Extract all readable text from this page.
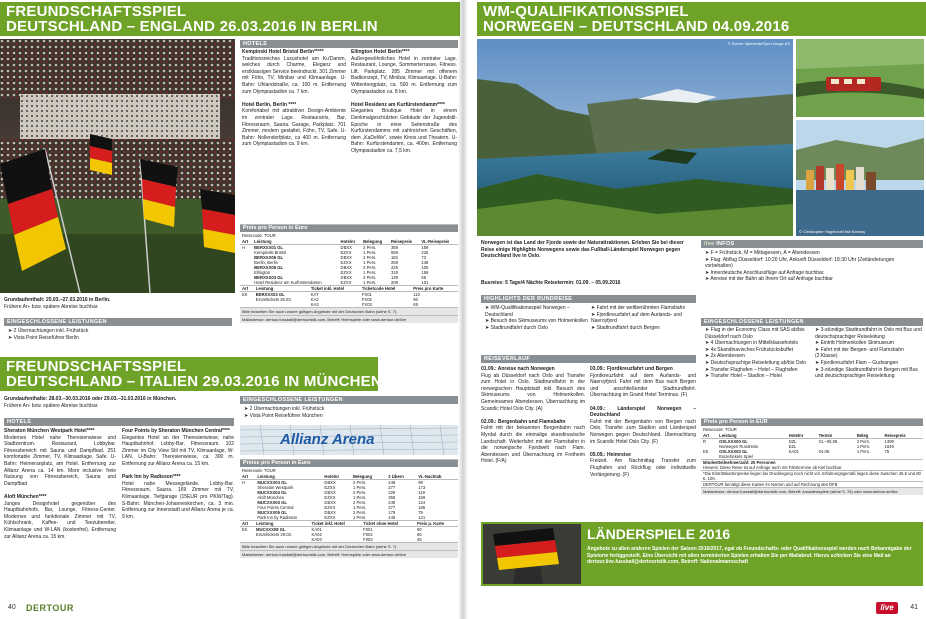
FREUNDSCHAFTSSPIEL
DEUTSCHLAND – ENGLAND 26.03.2016 IN BERLIN
Grundaufenthalt: 25.03.–27.03.2016 in Berlin.
Frühere An- bzw. spätere Abreise buchbar.
EINGESCHLOSSENE LEISTUNGEN
➤ 2 Übernachtungen inkl. Frühstück
➤ Vista Point Reiseführer Berlin
HOTELS
Kempinski Hotel Bristol Berlin*****
Traditionsreiches Luxushotel am Ku'Damm, welches durch Charme, Eleganz und erstklassigen Service beeindruckt. 301 Zimmer mit Föhn, TV, Minibar und Klimaanlage. U-Bahn: Uhlandstraße, ca. 100 m. Entfernung zum Olympiastadion ca. 7 km.

Hotel Berlin, Berlin ****
Komfortabel mit attraktiver Design-Ambiente im zentraler Lage. Restaurants, Bar, Fitnessraum, Sauna. Garage, Parkplatz. 701 Zimmer, modern gestaltet, Föhn, TV, Safe. U-Bahn: Nollendorfplatz, ca 400 m. Entfernung zum Olympiastadion ca. 9 km.
Ellington Hotel Berlin****
Außergewöhnliches Hotel in zentraler Lage. Restaurant, Lounge, Sommerterrasse, Fitness. Lift. Parkplatz. 285 Zimmer mit offenem Badkonzept, TV, Minibar, Klimaanlage. U-Bahn: Wittenbergplatz, ca. 500 m. Entfernung zum Olympiastadion ca. 8 km.

Hotel Residenz am Kurfürstendamm****
Elegantes Boutique Hotel in einem Denkmalgeschützten Gebäude der Jugendstil-Epoche in einer Seitenstraße des Kurfürstendamms mit zahlreichen Geschäften, dem „KaDeWe", sowie Kinos und Theatern. U-Bahn: Kurfürstendamm, ca. 400m. Entfernung Olympiastadion ca. 7,5 km.
Preis pro Person in Euro
Reisecode: TOUR
Art	Leistung	Hotelnr	Belegung	Reisepreis	VL-Reisepreis
H	BERXXX01 GL	DBXX	2 Pers.	359	159
	Kempinski Bristol	EZXX	1 Pers.	559	225
	BERXXX06 GL	DBXX	2 Pers.	182	73
	Berlin, Berlin	EZXX	1 Pers.	269	148
	BERXXX05 GL	DBXX	2 Pers.	225	105
	Ellington	EZXX	1 Pers.	319	159
	BERXXX03 GL	DBXX	2 Pers.	139	69
	Hotel Residenz am Kurfürstendamm	EZXX	1 Pers.	209	101
Art	Leistung	Ticket inkl. Hotel	Ticketcode Hotel	Preis pro Karte
EK	BERXXX03 GL	KAT	FX01	110
	Einzeltickets 26.03.	KA2	FX02	90
		KA3	FX03	65
Bitte beachten Sie auch unsere gültigen Angebote mit der Deutschen Bahn (siehe S. 7).
Mailadresse: dertour.fussball@dertouristik.com, Betreff: Heimspiele oder www.dertour.de/live
FREUNDSCHAFTSSPIEL
DEUTSCHLAND – ITALIEN 29.03.2016 IN MÜNCHEN
Grundaufenthalte: 28.03.–30.03.2016 oder 29.03.–31.03.2016 in München.
Frühere An- bzw. spätere Abreise buchbar.
EINGESCHLOSSENE LEISTUNGEN
➤ 2 Übernachtungen inkl. Frühstück
➤ Vista Point Reiseführer München
Allianz Arena
HOTELS
Sheraton München Westpark Hotel****
Modernes Hotel nahe Theresienwiese und Stadtzentrum. Restaurant, Lobbybar. Fitnessbereich mit Sauna und Dampfbad. 251 komfortable Zimmer, TV, Klimaanlage, Safe. U-Bahn: Heimeranplatz, am Hotel. Entfernung zur Allianz Arena ca. 14 km. More inclusive: freie Nutzung von Fitnessbereich, Sauna und Dampfbad

Aloft München****
Junges Designhotel gegenüber des Hauptbahnhofs. Bar, Lounge, Fitness-Center. Modernes und funktionale Zimmer mit TV, Kühlschrank, Kaffee- und Teezubereiter, Klimaanlage und W-LAN (kostenfrei). Entfernung zur Allianz Arena ca. 15 km.
Four Points by Sheraton München Central****
Elegantes Hotel an der Theresienwiese, nahe Hauptbahnhof. Lobby-Bar. Fitnessraum. 102 Zimmer im City View Stil mit TV, Klimaanlage, W-LAN. U-Bahn: Theresienwiese, ca. 300 m. Entfernung zur Allianz Arena ca. 15 km.

Park Inn by Radisson****
Hotel nahe Messegelände. Lobby-Bar. Fitnessraum, Sauna. 169 Zimmer mit TV, Klimaanlage. Tiefgarage (15EUR pro PKW/Tag). S-Bahn: München-Johanneskirchen, ca. 3 min. Entfernung zur Innenstadt und Allianz Arena je ca. 9 km.
Preise pro Person in Euro
Reisecode: TOUR
Art	Leistung	Hotelnr	Belegung	2 Übern	VL-Nachtab
H	MUCXXX03 GL	DBXX	2 Pers.	249	99
	Sheraton Westpark	EZXX	1 Pers.	277	173
	MUCXXX04 GL	DBXX	2 Pers.	229	119
	Aloft München	EZXX	1 Pers.	359	169
	MUCXXX03 GL	DBXX	2 Pers.	249	124
	Four Points Central	EZXX	1 Pers.	377	185
	MUCXXX05 GL	DBXX	2 Pers.	179	79
	Park Inn by Radisson	EZXX	1 Pers.	249	121
Art	Leistung	Ticket inkl. Hotel	Ticket ohne Hotel	Preis p. Karte
EK	MUCXXX08 GL	KA01	F001	90
	Einzeltickets 29.03.	KA02	F002	65
		KA03	F003	45
Bitte beachten Sie auch unsere gültigen Angebote mit der Deutschen Bahn (siehe S. 7).
Mailadresse: dertour.fussball@dertouristik.com, Betreff: Heimspiele oder www.dertour.de/live
40 DERTOUR
WM-QUALIFIKATIONSSPIEL
NORWEGEN – DEUTSCHLAND 04.09.2016
© Sverre Hjørnevik/Fjord Norge AS
© Christopher Hagelund/Visit Norway
Norwegen ist das Land der Fjorde sowie der Naturattraktionen. Erleben Sie bei dieser Reise einige Highlights Norwegens sowie das Fußball-Länderspiel Norwegen gegen Deutschland live in Oslo.
Busreise: 5 Tage/4 Nächte Reisetermin: 01.09. – 05.09.2016
HIGHLIGHTS DER RUNDREISE
➤ WM-Qualifikationsspiel Norwegen – Deutschland
➤ Besuch des Skimuseums von Holmenkollen
➤ Stadtrundfahrt durch Oslo
➤ Fahrt mit der weltberühmten Flamsbahn
➤ Fjordkreuzfahrt auf dem Aurlands- und Naeroyfjord
➤ Stadtrundfahrt durch Bergen
REISEVERLAUF
01.09.: Anreise nach Norwegen
Flug ab Düsseldorf nach Oslo und Transfer zum Hotel in Oslo. Stadtrundfahrt in der norwegischen Hauptstadt inkl. Besuch des Skimuseums von Holmenkollen. Gemeinsames Abendessen. Übernachtung im Scandic Hotel Oslo City. (A)

02.09.: Bergenbahn und Flamsbahn
Fahrt mit der bekannten Bergenbahn nach Myrdal durch die einmalige skandinavische Landschaft. Weiterfahrt mit der Flamsbahn in die norwegische Fjordwelt nach Flam. Abendessen und Übernachtung im Fretheim Hotel. (F/A)
03.09.: Fjordkreuzfahrt und Bergen
Fjordkreuzfahrt auf dem Aurlands- und Naeroyfjord. Fahrt mit dem Bus nach Bergen und anschließender Stadtrundfahrt. Übernachtung im Grand Hotel Terminus. (F)

04.09.: Länderspiel Norwegen – Deutschland
Fahrt mit der Bergenbahn von Bergen nach Oslo. Transfer zum Stadion und Länderspiel Norwegen gegen Deutschland. Übernachtung im Scandic Hotel Oslo City. (F)

05.09.: Heimreise
Freizeit. Am Nachmittag Transfer zum Flughafen und Rückflug oder individuelle Verlängerung. (F)
live INFOS
➤ F = Frühstück, M = Mittagessen, A = Abendessen
➤ Flug: Abflug Düsseldorf: 10:20 Uhr, Ankunft Düsseldorf: 18:30 Uhr (Zeitänderungen vorbehalten)
➤ Innerdeutsche Anschlussflüge auf Anfrage buchbar.
➤ Anreise mit der Bahn ab Ihrem Ort auf Anfrage buchbar
EINGESCHLOSSENE LEISTUNGEN
➤ Flug in der Economy Class mit SAS ab/bis Düsseldorf nach Oslo
➤ 4 Übernachtungen in Mittelklassehotels
➤ 4x Skandinavisches Frühstücksbuffet
➤ 2x Abendessen
➤ Deutschsprachige Reiseleitung ab/bis Oslo
➤ Transfer Flughafen – Hotel – Flughafen
➤ Transfer Hotel – Stadion – Hotel
➤ 3-stündige Stadtrundfahrt in Oslo mit Bus und deutschsprachiger Reiseleitung
➤ Eintritt Holmenkollen Skimuseum
➤ Fahrt mit der Bergen- und Flamsbahn (2.Klasse)
➤ Fjordkreuzfahrt Flam – Gudvangen
➤ 3-stündige Stadtrundfahrt in Bergen mit Bus und deutschsprachiger Reiseleitung
Preis pro Person in EUR
Reisecode: TOUR
Art	Leistung	Hotelnr	Termin	Beleg	Reisepreis
R	OSLXXX00 GL	DZL	01.–05.09.	2 Pers.	1399
	Norwegen Rundreise	EZL		1 Pers.	1649
EK	OSLXXX03 GL	KA01	04.09.	1 Pers.	75
	Einzeltickets Spiel				
Mindestteilnehmerzahl: 20 Personen
Hinweis: Diese Reise ist auf Anfrage auch mit Fährtermine ab Kiel buchbar.
*Die Eintrittskartenpreise liegen bei Drucklegung noch nicht vor. Erfahrungsgemäß liegen diese zwischen 45 € und 80 €. 100.
DERTOUR benötigt diese Karten im Namen und auf Rechnung des DFB
Mailadresse: dertour.fussball@dertouristik.com, Betreff: Auswärtsspiele (siehe S. 76) oder www.dertour.de/live
LÄNDERSPIELE 2016
Angebote zu allen anderen Spielen der Saison 2016/2017, egal ob Freundschafts- oder Qualifikationsspiel werden nach Bekanntgabe der Spielorte fertiggestellt. Eine Übersicht mit allen terminierten Spielen erhalten Sie per Mailabruf. Hierzu schicken Sie eine Mail an dertour.live.fussball@dertouristik.com, Betreff: Nationalmannschaft
live	41
